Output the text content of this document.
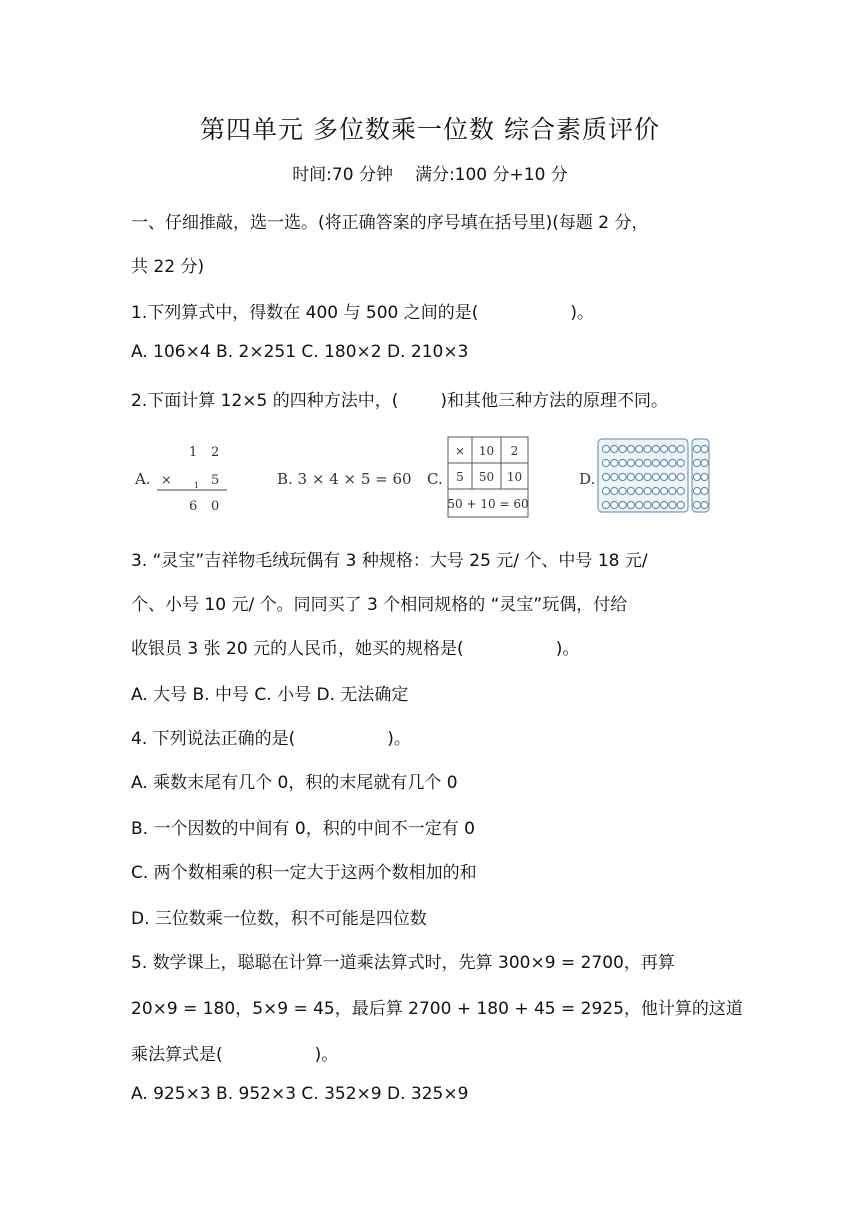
第四单元 多位数乘一位数 综合素质评价
时间:70 分钟 满分:100 分+10 分
一、仔细推敲，选一选。(将正确答案的序号填在括号里)(每题 2 分，
共 22 分)
1.下列算式中，得数在 400 与 500 之间的是(	)。
A. 106×4 B. 2×251 C. 180×2 D. 210×3
2.下面计算 12×5 的四种方法中，( )和其他三种方法的原理不同。
A.
1 2
×	1 5
6 0
B. 3 × 4 × 5 = 60 C.
× 10 2
5 50 10
50 + 10 = 60
D.
3. “灵宝”吉祥物毛绒玩偶有 3 种规格：大号 25 元/ 个、中号 18 元/
个、小号 10 元/ 个。同同买了 3 个相同规格的 “灵宝”玩偶，付给
收银员 3 张 20 元的人民币，她买的规格是(	)。
A. 大号 B. 中号 C. 小号 D. 无法确定
4. 下列说法正确的是(	)。
A. 乘数末尾有几个 0，积的末尾就有几个 0
B. 一个因数的中间有 0，积的中间不一定有 0
C. 两个数相乘的积一定大于这两个数相加的和
D. 三位数乘一位数，积不可能是四位数
5. 数学课上，聪聪在计算一道乘法算式时，先算 300×9 = 2700，再算
20×9 = 180，5×9 = 45，最后算 2700 + 180 + 45 = 2925，他计算的这道
乘法算式是(	)。
A. 925×3 B. 952×3 C. 352×9 D. 325×9
